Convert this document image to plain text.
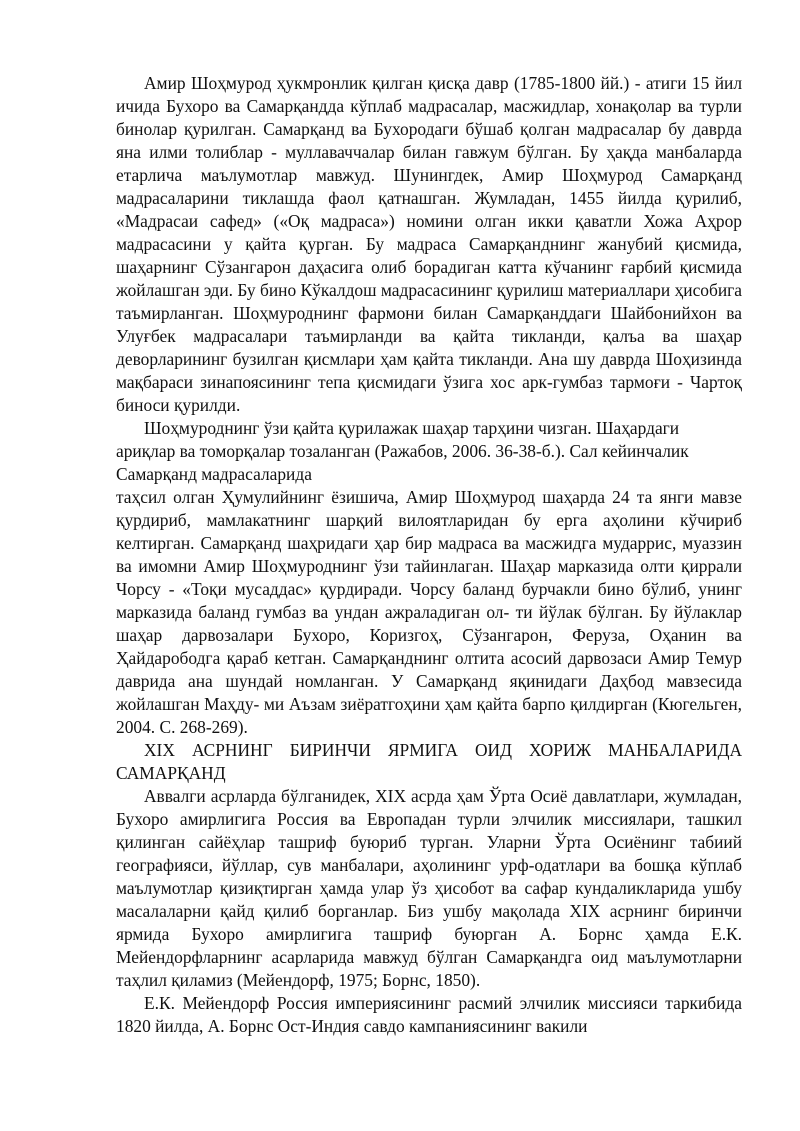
Амир Шоҳмурод ҳукмронлик қилган қисқа давр (1785-1800 йй.) - атиги 15 йил ичида Бухоро ва Самарқандда кўплаб мадрасалар, масжидлар, хонақолар ва турли бинолар қурилган. Самарқанд ва Бухородаги бўшаб қолган мадрасалар бу даврда яна илми толиблар - муллаваччалар билан гавжум бўлган. Бу ҳақда манбаларда етарлича маълумотлар мавжуд. Шунингдек, Амир Шоҳмурод Самарқанд мадрасаларини тиклашда фаол қатнашган. Жумладан, 1455 йилда қурилиб, «Мадрасаи сафед» («Оқ мадраса») номини олган икки қаватли Хожа Аҳрор мадрасасини у қайта қурган. Бу мадраса Самарқанднинг жанубий қисмида, шаҳарнинг Сўзангарон даҳасига олиб борадиган катта кўчанинг ғарбий қисмида жойлашган эди. Бу бино Кўкалдош мадрасасининг қурилиш материаллари ҳисобига таъмирланган. Шоҳмуроднинг фармони билан Самарқанддаги Шайбонийхон ва Улуғбек мадрасалари таъмирланди ва қайта тикланди, қалъа ва шаҳар деворларининг бузилган қисмлари ҳам қайта тикланди. Ана шу даврда Шоҳизинда мақбараси зинапоясининг тепа қисмидаги ўзига хос арк-гумбаз тармоғи - Чартоқ биноси қурилди.

Шоҳмуроднинг ўзи қайта қурилажак шаҳар тарҳини чизган. Шаҳардаги ариқлар ва томорқалар тозаланган (Ражабов, 2006. 36-38-б.). Сал кейинчалик Самарқанд мадрасаларида

таҳсил олган Ҳумулийнинг ёзишича, Амир Шоҳмурод шаҳарда 24 та янги мавзе қурдириб, мамлакатнинг шарқий вилоятларидан бу ерга аҳолини кўчириб келтирган. Самарқанд шаҳридаги ҳар бир мадраса ва масжидга мударрис, муаззин ва имомни Амир Шоҳмуроднинг ўзи тайинлаган. Шаҳар марказида олти қиррали Чорсу - «Тоқи мусаддас» қурдиради. Чорсу баланд бурчакли бино бўлиб, унинг марказида баланд гумбаз ва ундан ажраладиган ол- ти йўлак бўлган. Бу йўлаклар шаҳар дарвозалари Бухоро, Коризгоҳ, Сўзангарон, Феруза, Оҳанин ва Ҳайдарободга қараб кетган. Самарқанднинг олтита асосий дарвозаси Амир Темур даврида ана шундай номланган. У Самарқанд яқинидаги Даҳбод мавзесида жойлашган Маҳду- ми Аъзам зиёратгоҳини ҳам қайта барпо қилдирган (Кюгельген, 2004. С. 268-269).

ХIХ АСРНИНГ БИРИНЧИ ЯРМИГА ОИД ХОРИЖ МАНБАЛАРИДА САМАРҚАНД

Аввалги асрларда бўлганидек, ХIХ асрда ҳам Ўрта Осиё давлатлари, жумладан, Бухоро амирлигига Россия ва Европадан турли элчилик миссиялари, ташкил қилинган сайёҳлар ташриф буюриб турган. Уларни Ўрта Осиёнинг табиий географияси, йўллар, сув манбалари, аҳолининг урф-одатлари ва бошқа кўплаб маълумотлар қизиқтирган ҳамда улар ўз ҳисобот ва сафар кундаликларида ушбу масалаларни қайд қилиб борганлар. Биз ушбу мақолада ХIХ асрнинг биринчи ярмида Бухоро амирлигига ташриф буюрган А. Борнс ҳамда Е.К. Мейендорфларнинг асарларида мавжуд бўлган Самарқандга оид маълумотларни таҳлил қиламиз (Мейендорф, 1975; Борнс, 1850).

Е.К. Мейендорф Россия империясининг расмий элчилик миссияси таркибида 1820 йилда, А. Борнс Ост-Индия савдо кампаниясининг вакили
